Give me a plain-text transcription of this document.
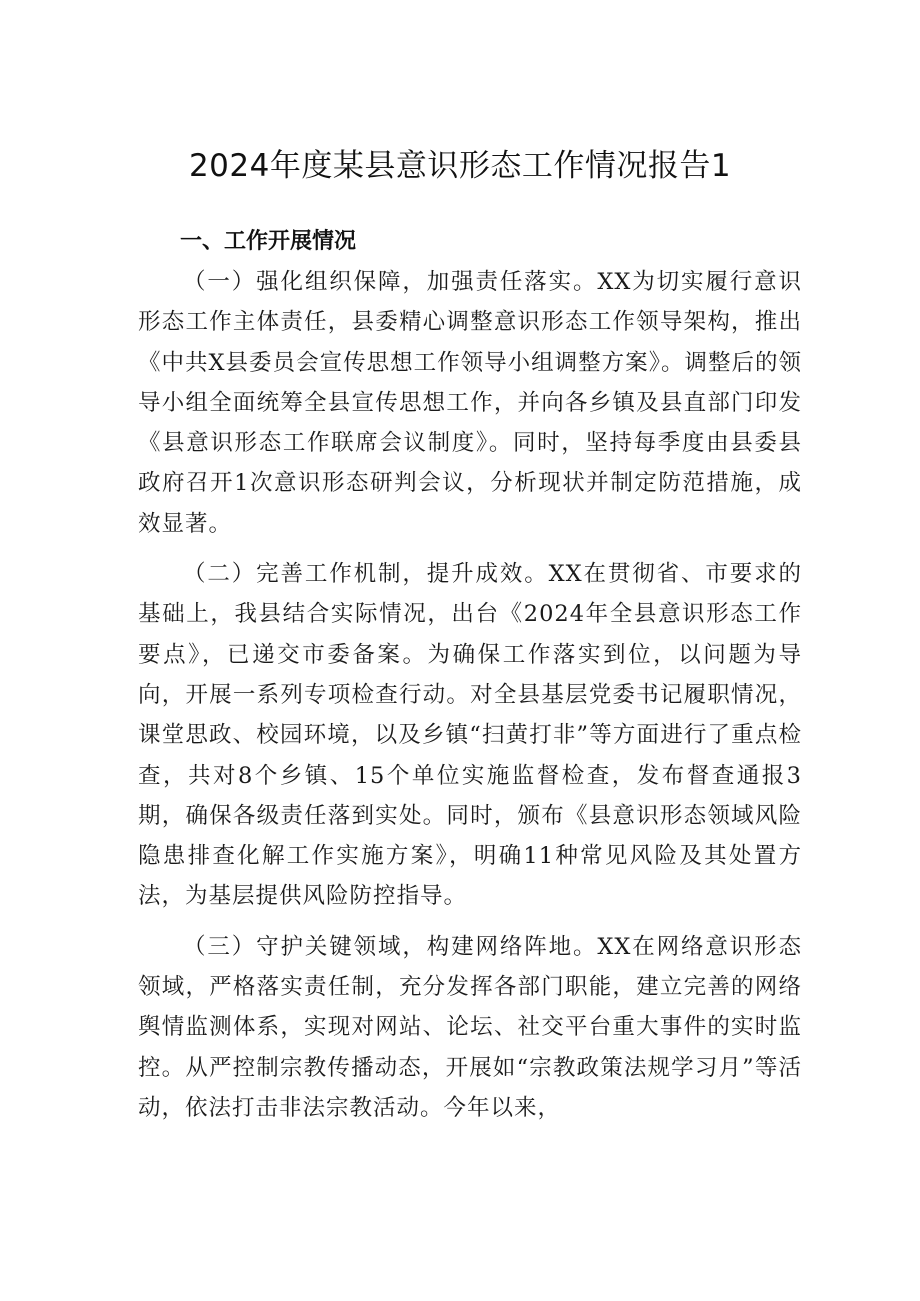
2024年度某县意识形态工作情况报告1
一、工作开展情况

（一）强化组织保障，加强责任落实。XX为切实履行意识形态工作主体责任，县委精心调整意识形态工作领导架构，推出《中共X县委员会宣传思想工作领导小组调整方案》。调整后的领导小组全面统筹全县宣传思想工作，并向各乡镇及县直部门印发《县意识形态工作联席会议制度》。同时，坚持每季度由县委县政府召开1次意识形态研判会议，分析现状并制定防范措施，成效显著。

（二）完善工作机制，提升成效。XX在贯彻省、市要求的基础上，我县结合实际情况，出台《2024年全县意识形态工作要点》，已递交市委备案。为确保工作落实到位，以问题为导向，开展一系列专项检查行动。对全县基层党委书记履职情况，课堂思政、校园环境，以及乡镇“扫黄打非”等方面进行了重点检查，共对8个乡镇、15个单位实施监督检查，发布督查通报3期，确保各级责任落到实处。同时，颁布《县意识形态领域风险隐患排查化解工作实施方案》，明确11种常见风险及其处置方法，为基层提供风险防控指导。

（三）守护关键领域，构建网络阵地。XX在网络意识形态领域，严格落实责任制，充分发挥各部门职能，建立完善的网络舆情监测体系，实现对网站、论坛、社交平台重大事件的实时监控。从严控制宗教传播动态，开展如“宗教政策法规学习月”等活动，依法打击非法宗教活动。今年以来，
